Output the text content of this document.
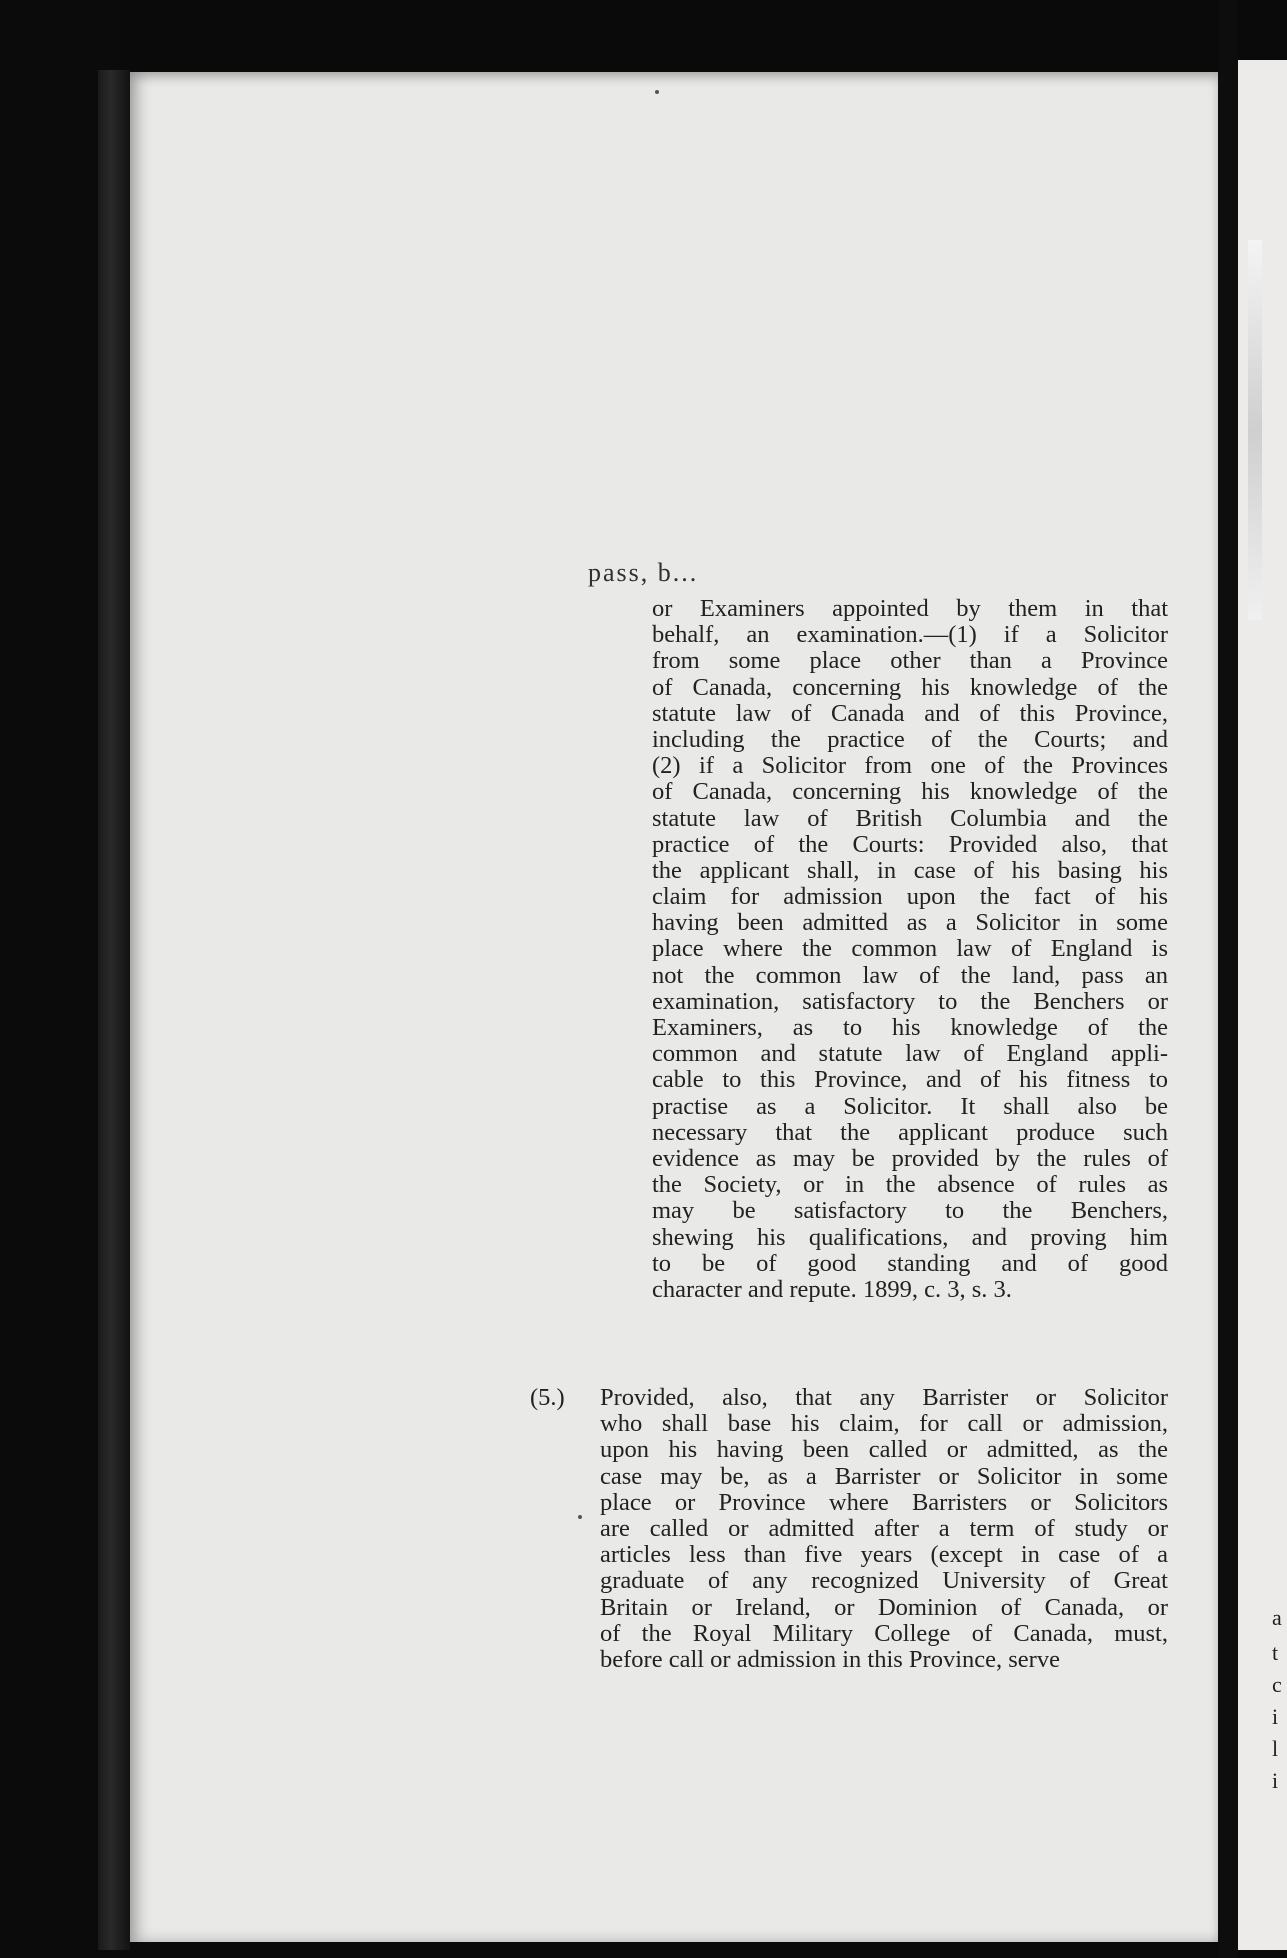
pass, b...
or Examiners appointed by them in that
behalf, an examination.—(1) if a Solicitor
from some place other than a Province
of Canada, concerning his knowledge of the
statute law of Canada and of this Province,
including the practice of the Courts; and
(2) if a Solicitor from one of the Provinces
of Canada, concerning his knowledge of the
statute law of British Columbia and the
practice of the Courts: Provided also, that
the applicant shall, in case of his basing his
claim for admission upon the fact of his
having been admitted as a Solicitor in some
place where the common law of England is
not the common law of the land, pass an
examination, satisfactory to the Benchers or
Examiners, as to his knowledge of the
common and statute law of England appli-
cable to this Province, and of his fitness to
practise as a Solicitor. It shall also be
necessary that the applicant produce such
evidence as may be provided by the rules of
the Society, or in the absence of rules as
may be satisfactory to the Benchers,
shewing his qualifications, and proving him
to be of good standing and of good
character and repute. 1899, c. 3, s. 3.
(5.) Provided, also, that any Barrister or Solicitor
who shall base his claim, for call or admission,
upon his having been called or admitted, as the
case may be, as a Barrister or Solicitor in some
place or Province where Barristers or Solicitors
are called or admitted after a term of study or
articles less than five years (except in case of a
graduate of any recognized University of Great
Britain or Ireland, or Dominion of Canada, or
of the Royal Military College of Canada, must,
before call or admission in this Province, serve
a
t
c
i
l
i
